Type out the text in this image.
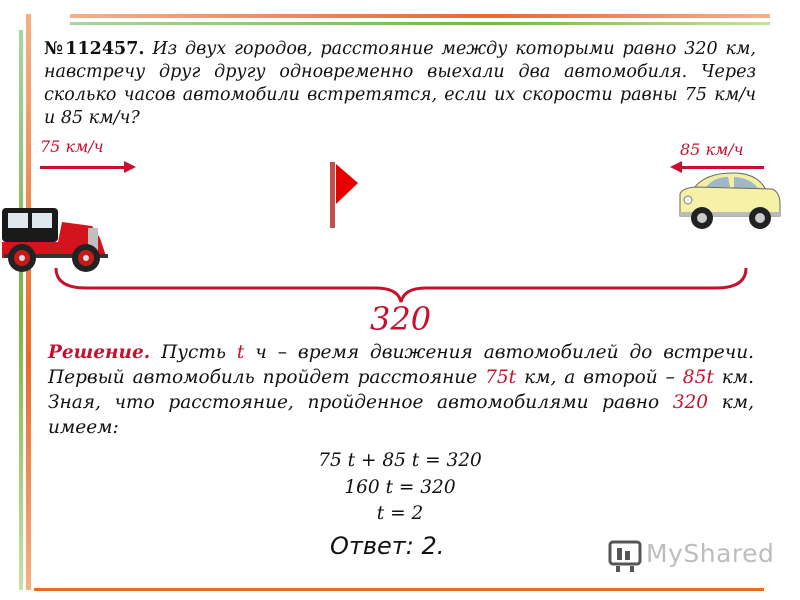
№112457. Из двух городов, расстояние между которыми равно 320 км, навстречу друг другу одновременно выехали два автомобиля. Через сколько часов автомобили встретятся, если их скорости равны 75 км/ч и 85 км/ч?
75 км/ч	85 км/ч
320
Решение. Пусть t ч – время движения автомобилей до встречи. Первый автомобиль пройдет расстояние 75t км, а второй – 85t км. Зная, что расстояние, пройденное автомобилями равно 320 км, имеем:
75 t + 85 t = 320
160 t = 320
t = 2
Ответ: 2.	MyShared
